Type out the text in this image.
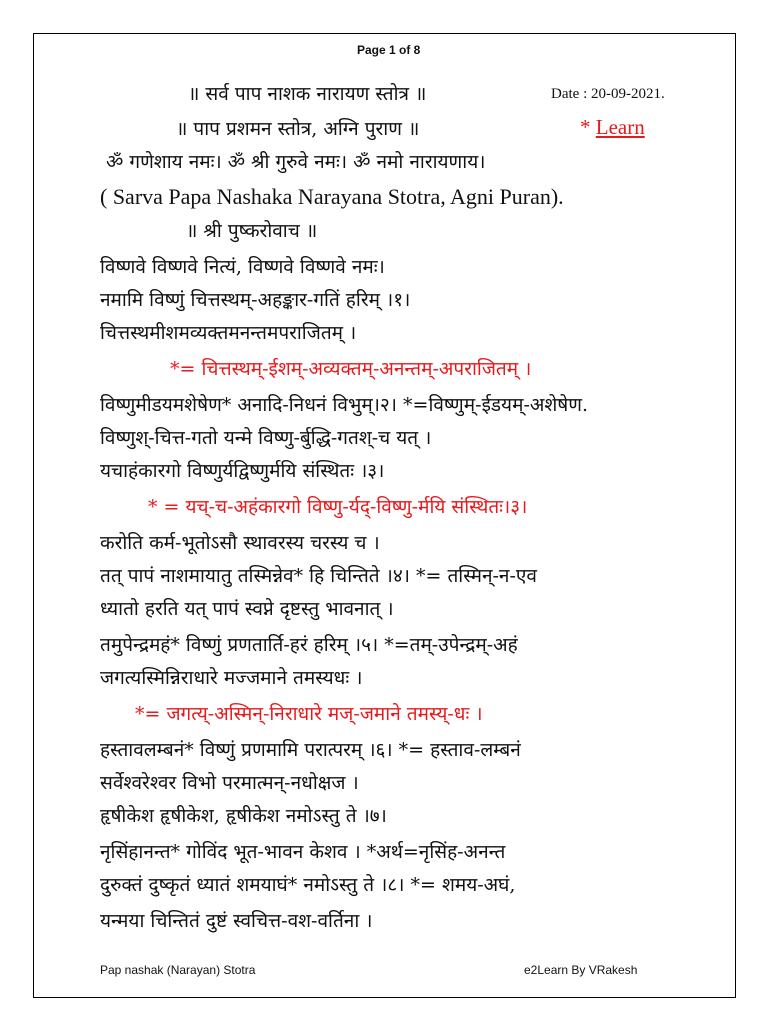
Page 1 of 8
॥ सर्व पाप नाशक नारायण स्तोत्र ॥	Date : 20-09-2021.
॥ पाप प्रशमन स्तोत्र, अग्नि पुराण ॥	* Learn
ॐ गणेशाय नमः। ॐ श्री गुरुवे नमः। ॐ नमो नारायणाय।
( Sarva Papa Nashaka Narayana Stotra, Agni Puran).
॥ श्री पुष्करोवाच ॥
विष्णवे विष्णवे नित्यं, विष्णवे विष्णवे नमः।
नमामि विष्णुं चित्तस्थम्-अहङ्कार-गतिं हरिम् ।१।
चित्तस्थमीशमव्यक्तमनन्तमपराजितम् ।
*= चित्तस्थम्-ईशम्-अव्यक्तम्-अनन्तम्-अपराजितम् ।
विष्णुमीडयमशेषेण* अनादि-निधनं विभुम्।२। *=विष्णुम्-ईडयम्-अशेषेण.
विष्णुश्-चित्त-गतो यन्मे विष्णु-र्बुद्धि-गतश्-च यत् ।
यचाहंकारगो विष्णुर्यद्विष्णुर्मयि संस्थितः ।३।
* = यच्-च-अहंकारगो विष्णु-र्यद्-विष्णु-र्मयि संस्थितः।३।
करोति कर्म-भूतोऽसौ स्थावरस्य चरस्य च ।
तत् पापं नाशमायातु तस्मिन्नेव* हि चिन्तिते ।४। *= तस्मिन्-न-एव
ध्यातो हरति यत् पापं स्वप्ने दृष्टस्तु भावनात् ।
तमुपेन्द्रमहं* विष्णुं प्रणतार्ति-हरं हरिम् ।५। *=तम्-उपेन्द्रम्-अहं
जगत्यस्मिन्निराधारे मज्जमाने तमस्यधः ।
*= जगत्य्-अस्मिन्-निराधारे मज्-जमाने तमस्य्-धः ।
हस्तावलम्बनं* विष्णुं प्रणमामि परात्परम् ।६। *= हस्ताव-लम्बनं
सर्वेश्वरेश्वर विभो परमात्मन्-नधोक्षज ।
हृषीकेश हृषीकेश, हृषीकेश नमोऽस्तु ते ।७।
नृसिंहानन्त* गोविंद भूत-भावन केशव । *अर्थ=नृसिंह-अनन्त
दुरुक्तं दुष्कृतं ध्यातं शमयाघं* नमोऽस्तु ते ।८। *= शमय-अघं,
यन्मया चिन्तितं दुष्टं स्वचित्त-वश-वर्तिना ।
Pap nashak (Narayan) Stotra	e2Learn By VRakesh
